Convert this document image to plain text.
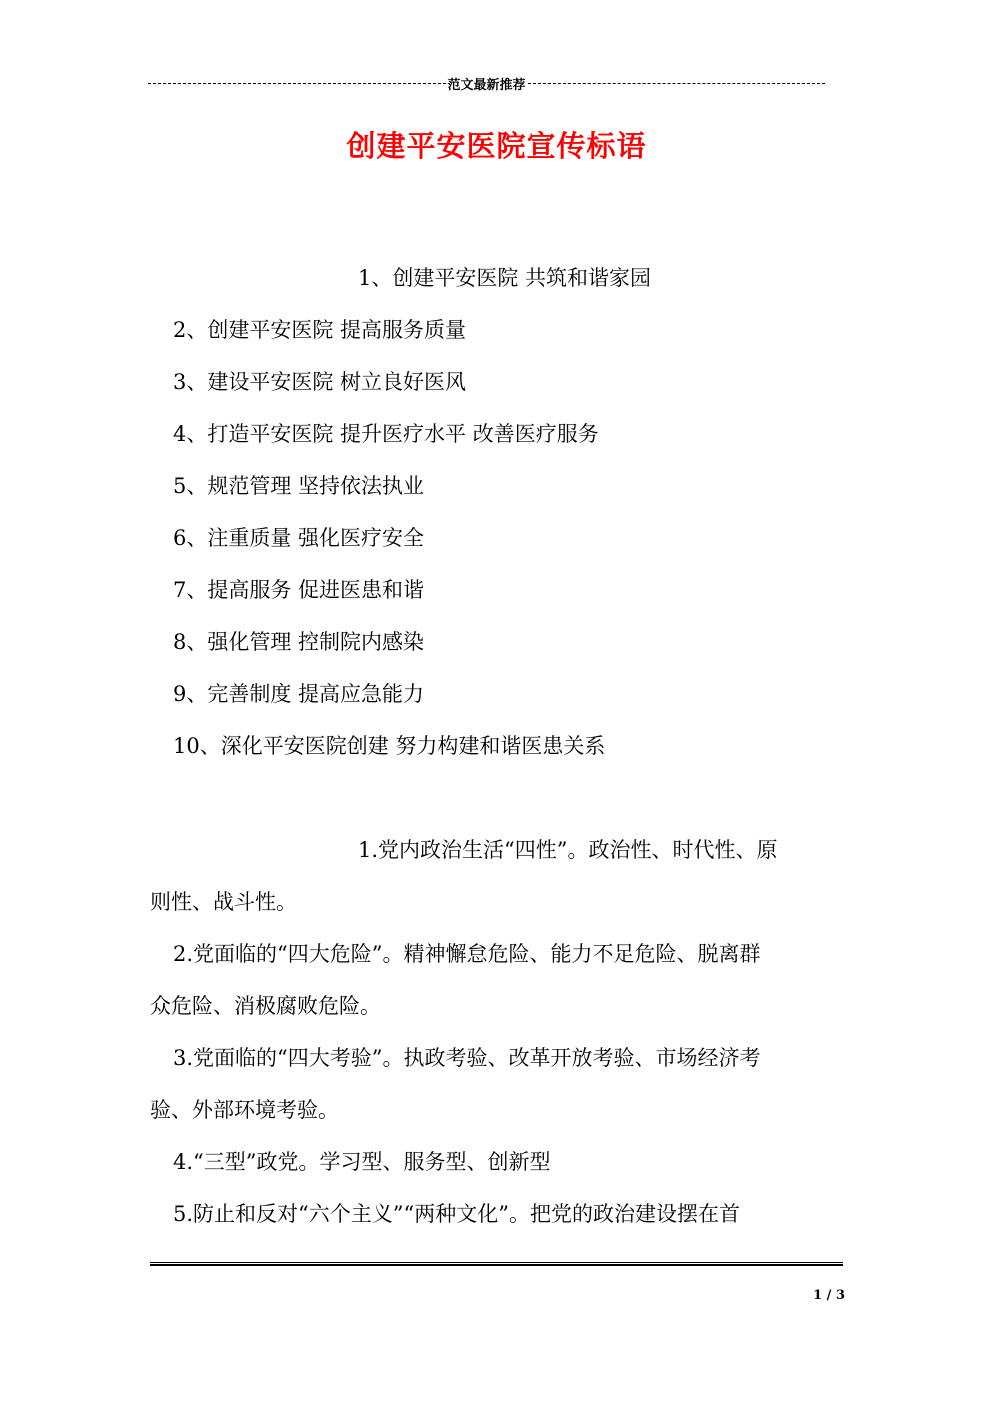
范文最新推荐
创建平安医院宣传标语
1、创建平安医院 共筑和谐家园
2、创建平安医院 提高服务质量
3、建设平安医院 树立良好医风
4、打造平安医院 提升医疗水平 改善医疗服务
5、规范管理 坚持依法执业
6、注重质量 强化医疗安全
7、提高服务 促进医患和谐
8、强化管理 控制院内感染
9、完善制度 提高应急能力
10、深化平安医院创建 努力构建和谐医患关系
1.党内政治生活“四性”。政治性、时代性、原
则性、战斗性。
2.党面临的“四大危险”。精神懈怠危险、能力不足危险、脱离群
众危险、消极腐败危险。
3.党面临的“四大考验”。执政考验、改革开放考验、市场经济考
验、外部环境考验。
4.“三型”政党。学习型、服务型、创新型
5.防止和反对“六个主义”“两种文化”。把党的政治建设摆在首
1 / 3
